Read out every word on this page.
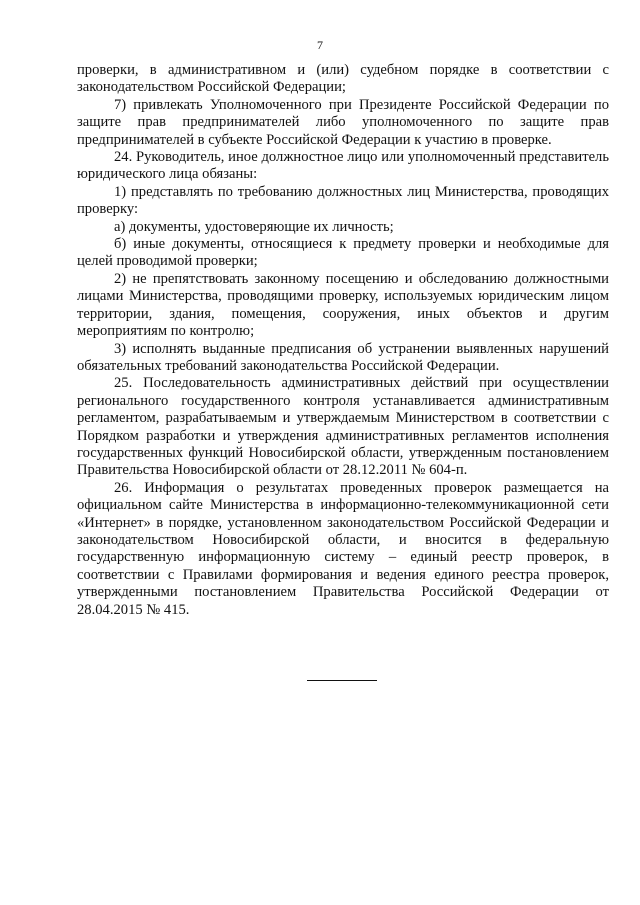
7

проверки, в административном и (или) судебном порядке в соответствии с законодательством Российской Федерации;

7) привлекать Уполномоченного при Президенте Российской Федерации по защите прав предпринимателей либо уполномоченного по защите прав предпринимателей в субъекте Российской Федерации к участию в проверке.

24. Руководитель, иное должностное лицо или уполномоченный представитель юридического лица обязаны:

1) представлять по требованию должностных лиц Министерства, проводящих проверку:

а) документы, удостоверяющие их личность;

б) иные документы, относящиеся к предмету проверки и необходимые для целей проводимой проверки;

2) не препятствовать законному посещению и обследованию должностными лицами Министерства, проводящими проверку, используемых юридическим лицом территории, здания, помещения, сооружения, иных объектов и другим мероприятиям по контролю;

3) исполнять выданные предписания об устранении выявленных нарушений обязательных требований законодательства Российской Федерации.

25. Последовательность административных действий при осуществлении регионального государственного контроля устанавливается административным регламентом, разрабатываемым и утверждаемым Министерством в соответствии с Порядком разработки и утверждения административных регламентов исполнения государственных функций Новосибирской области, утвержденным постановлением Правительства Новосибирской области от 28.12.2011 № 604-п.

26. Информация о результатах проведенных проверок размещается на официальном сайте Министерства в информационно-телекоммуникационной сети «Интернет» в порядке, установленном законодательством Российской Федерации и законодательством Новосибирской области, и вносится в федеральную государственную информационную систему – единый реестр проверок, в соответствии с Правилами формирования и ведения единого реестра проверок, утвержденными постановлением Правительства Российской Федерации от 28.04.2015 № 415.
